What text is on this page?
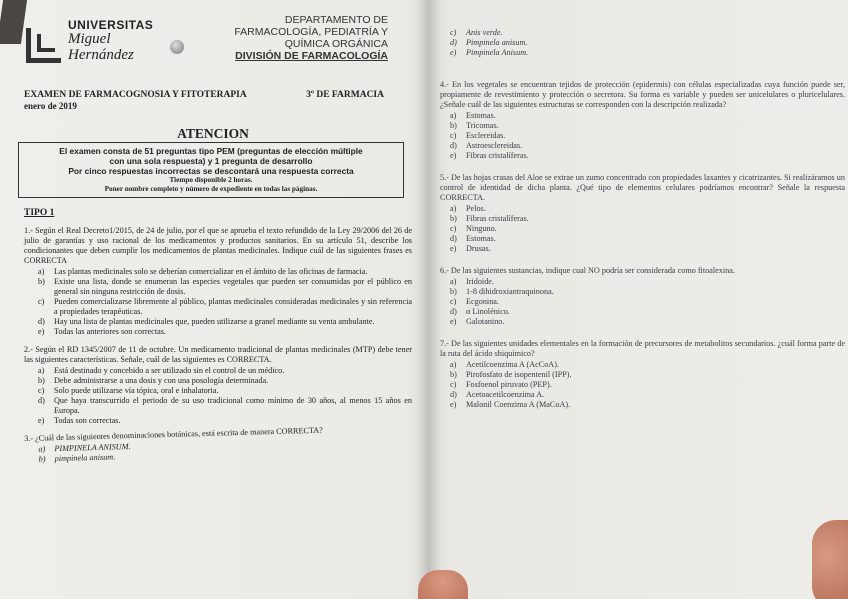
UNIVERSITAS
Miguel
Hernández
DEPARTAMENTO DE
FARMACOLOGÍA, PEDIATRÍA Y
QUÍMICA ORGÁNICA
DIVISIÓN DE FARMACOLOGÍA
EXAMEN DE FARMACOGNOSIA Y FITOTERAPIA	3º DE FARMACIA
enero de 2019
ATENCION
El examen consta de 51 preguntas tipo PEM (preguntas de elección múltiple
con una sola respuesta) y 1 pregunta de desarrollo
Por cinco respuestas incorrectas se descontará una respuesta correcta
Tiempo disponible 2 horas.
Poner nombre completo y número de expediente en todas las páginas.
TIPO 1
1.- Según el Real Decreto1/2015, de 24 de julio, por el que se aprueba el texto refundido de la Ley 29/2006 del 26 de julio de garantías y uso racional de los medicamentos y productos sanitarios. En su artículo 51, describe los condicionantes que deben cumplir los medicamentos de plantas medicinales. Indique cuál de las siguientes frases es CORRECTA
a)	Las plantas medicinales solo se deberían comercializar en el ámbito de las oficinas de farmacia.
b)	Existe una lista, donde se enumeran las especies vegetales que pueden ser consumidas por el público en general sin ninguna restricción de dosis.
c)	Pueden comercializarse libremente al público, plantas medicinales consideradas medicinales y sin referencia a propiedades terapéuticas.
d)	Hay una lista de plantas medicinales que, pueden utilizarse a granel mediante su venta ambulante.
e)	Todas las anteriores son correctas.
2.- Según el RD 1345/2007 de 11 de octubre. Un medicamento tradicional de plantas medicinales (MTP) debe tener las siguientes características. Señale, cuál de las siguientes es CORRECTA.
a)	Está destinado y concebido a ser utilizado sin el control de un médico.
b)	Debe administrarse a una dosis y con una posología determinada.
c)	Solo puede utilizarse vía tópica, oral e inhalatoria.
d)	Que haya transcurrido el periodo de su uso tradicional como mínimo de 30 años, al menos 15 años en Europa.
e)	Todas son correctas.
3.- ¿Cuál de las siguientes denominaciones botánicas, está escrita de manera CORRECTA?
a)	PIMPINELA ANISUM.
b)	pimpinela anisum.
c)	Anis verde.
d)	Pimpinela anisum.
e)	Pimpinela Anisum.
4.- En los vegetales se encuentran tejidos de protección (epidermis) con células especializadas cuya función puede ser, propiamente de revestimiento y protección o secretora. Su forma es variable y pueden ser unicelulares o pluricelulares. ¿Señale cuál de las siguientes estructuras se corresponden con la descripción realizada?
a)	Estomas.
b)	Tricomas.
c)	Esclereidas.
d)	Astroesclereidas.
e)	Fibras cristalíferas.
5.- De las hojas crasas del Aloe se extrae un zumo concentrado con propiedades laxantes y cicatrizantes. Si realizáramos un control de identidad de dicha planta. ¿Qué tipo de elementos celulares podríamos encontrar? Señale la respuesta CORRECTA.
a)	Pelos.
b)	Fibras cristalíferas.
c)	Ninguno.
d)	Estomas.
e)	Drusas.
6.- De las siguientes sustancias, indique cual NO podría ser considerada como fitoalexina.
a)	Iridoide.
b)	1-8 dihidroxiantraquinona.
c)	Ecgonina.
d)	α Linolénico.
e)	Galotanino.
7.- De las siguientes unidades elementales en la formación de precursores de metabolitos secundarios. ¿cuál forma parte de la ruta del ácido shiquímico?
a)	Acetilcoenzima A (AcCoA).
b)	Pirofosfato de isopentenil (IPP).
c)	Fosfoenol piruvato (PEP).
d)	Acetoacetilcoenzima A.
e)	Malonil Coenzima A (MaCoA).
